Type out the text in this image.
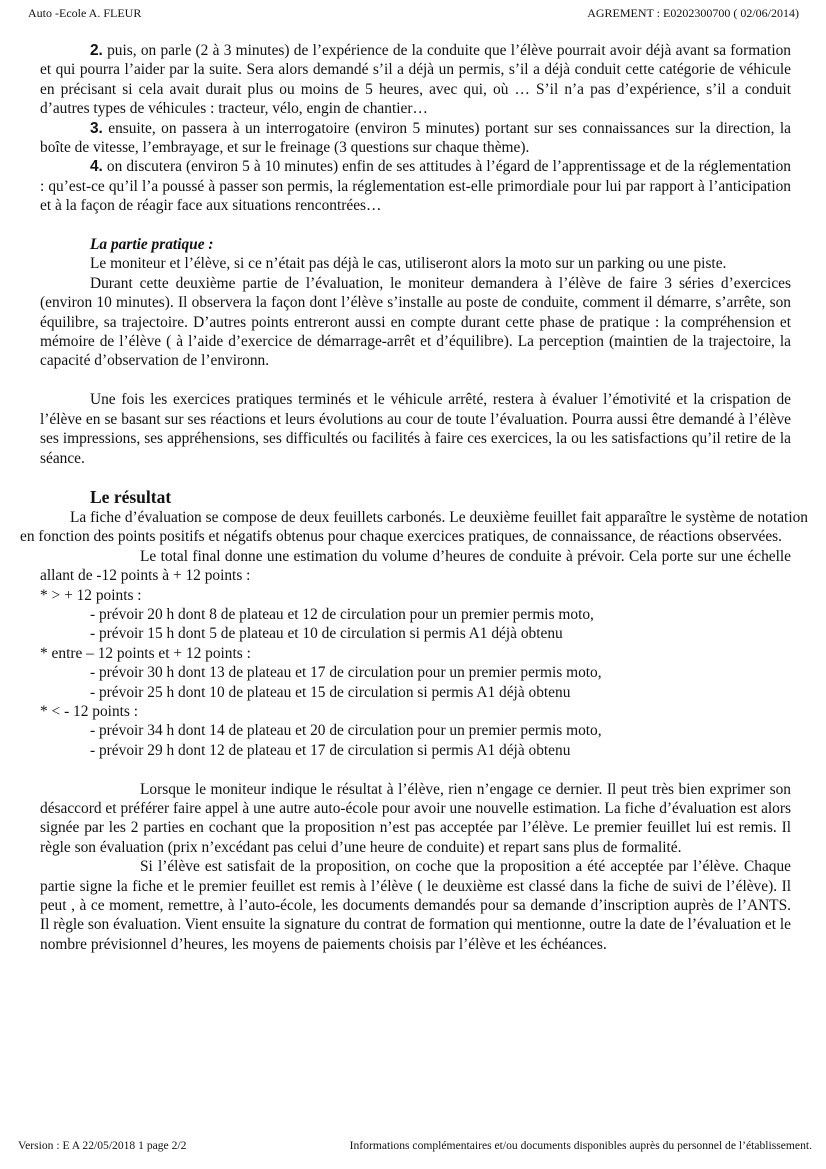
Auto -Ecole A. FLEUR	AGREMENT : E0202300700 ( 02/06/2014)

2. puis, on parle (2 à 3 minutes) de l’expérience de la conduite que l’élève pourrait avoir déjà avant sa formation et qui pourra l’aider par la suite. Sera alors demandé s’il a déjà un permis, s’il a déjà conduit cette catégorie de véhicule en précisant si cela avait durait plus ou moins de 5 heures, avec qui, où … S’il n’a pas d’expérience, s’il a conduit d’autres types de véhicules : tracteur, vélo, engin de chantier…

3. ensuite, on passera à un interrogatoire (environ 5 minutes) portant sur ses connaissances sur la direction, la boîte de vitesse, l’embrayage, et sur le freinage (3 questions sur chaque thème).

4. on discutera (environ 5 à 10 minutes) enfin de ses attitudes à l’égard de l’apprentissage et de la réglementation : qu’est-ce qu’il l’a poussé à passer son permis, la réglementation est-elle primordiale pour lui par rapport à l’anticipation et à la façon de réagir face aux situations rencontrées…

La partie pratique :

Le moniteur et l’élève, si ce n’était pas déjà le cas, utiliseront alors la moto sur un parking ou une piste.

Durant cette deuxième partie de l’évaluation, le moniteur demandera à l’élève de faire 3 séries d’exercices (environ 10 minutes). Il observera la façon dont l’élève s’installe au poste de conduite, comment il démarre, s’arrête, son équilibre, sa trajectoire. D’autres points entreront aussi en compte durant cette phase de pratique : la compréhension et mémoire de l’élève ( à l’aide d’exercice de démarrage-arrêt et d’équilibre). La perception (maintien de la trajectoire, la capacité d’observation de l’environn.

Une fois les exercices pratiques terminés et le véhicule arrêté, restera à évaluer l’émotivité et la crispation de l’élève en se basant sur ses réactions et leurs évolutions au cour de toute l’évaluation. Pourra aussi être demandé à l’élève ses impressions, ses appréhensions, ses difficultés ou facilités à faire ces exercices, la ou les satisfactions qu’il retire de la séance.

Le résultat

La fiche d’évaluation se compose de deux feuillets carbonés. Le deuxième feuillet fait apparaître le système de notation en fonction des points positifs et négatifs obtenus pour chaque exercices pratiques, de connaissance, de réactions observées.

Le total final donne une estimation du volume d’heures de conduite à prévoir. Cela porte sur une échelle allant de -12 points à + 12 points :

* > + 12 points :

- prévoir 20 h dont 8 de plateau et 12 de circulation pour un premier permis moto,

- prévoir 15 h dont 5 de plateau et 10 de circulation si permis A1 déjà obtenu

* entre – 12 points et + 12 points :

- prévoir 30 h dont 13 de plateau et 17 de circulation pour un premier permis moto,

- prévoir 25 h dont 10 de plateau et 15 de circulation si permis A1 déjà obtenu

* < - 12 points :

- prévoir 34 h dont 14 de plateau et 20 de circulation pour un premier permis moto,

- prévoir 29 h dont 12 de plateau et 17 de circulation si permis A1 déjà obtenu

Lorsque le moniteur indique le résultat à l’élève, rien n’engage ce dernier. Il peut très bien exprimer son désaccord et préférer faire appel à une autre auto-école pour avoir une nouvelle estimation. La fiche d’évaluation est alors signée par les 2 parties en cochant que la proposition n’est pas acceptée par l’élève. Le premier feuillet lui est remis. Il règle son évaluation (prix n’excédant pas celui d’une heure de conduite) et repart sans plus de formalité.

Si l’élève est satisfait de la proposition, on coche que la proposition a été acceptée par l’élève. Chaque partie signe la fiche et le premier feuillet est remis à l’élève ( le deuxième est classé dans la fiche de suivi de l’élève). Il peut , à ce moment, remettre, à l’auto-école, les documents demandés pour sa demande d’inscription auprès de l’ANTS. Il règle son évaluation. Vient ensuite la signature du contrat de formation qui mentionne, outre la date de l’évaluation et le nombre prévisionnel d’heures, les moyens de paiements choisis par l’élève et les échéances.

Version : E A 22/05/2018 1 page 2/2	Informations complémentaires et/ou documents disponibles auprès du personnel de l’établissement.
